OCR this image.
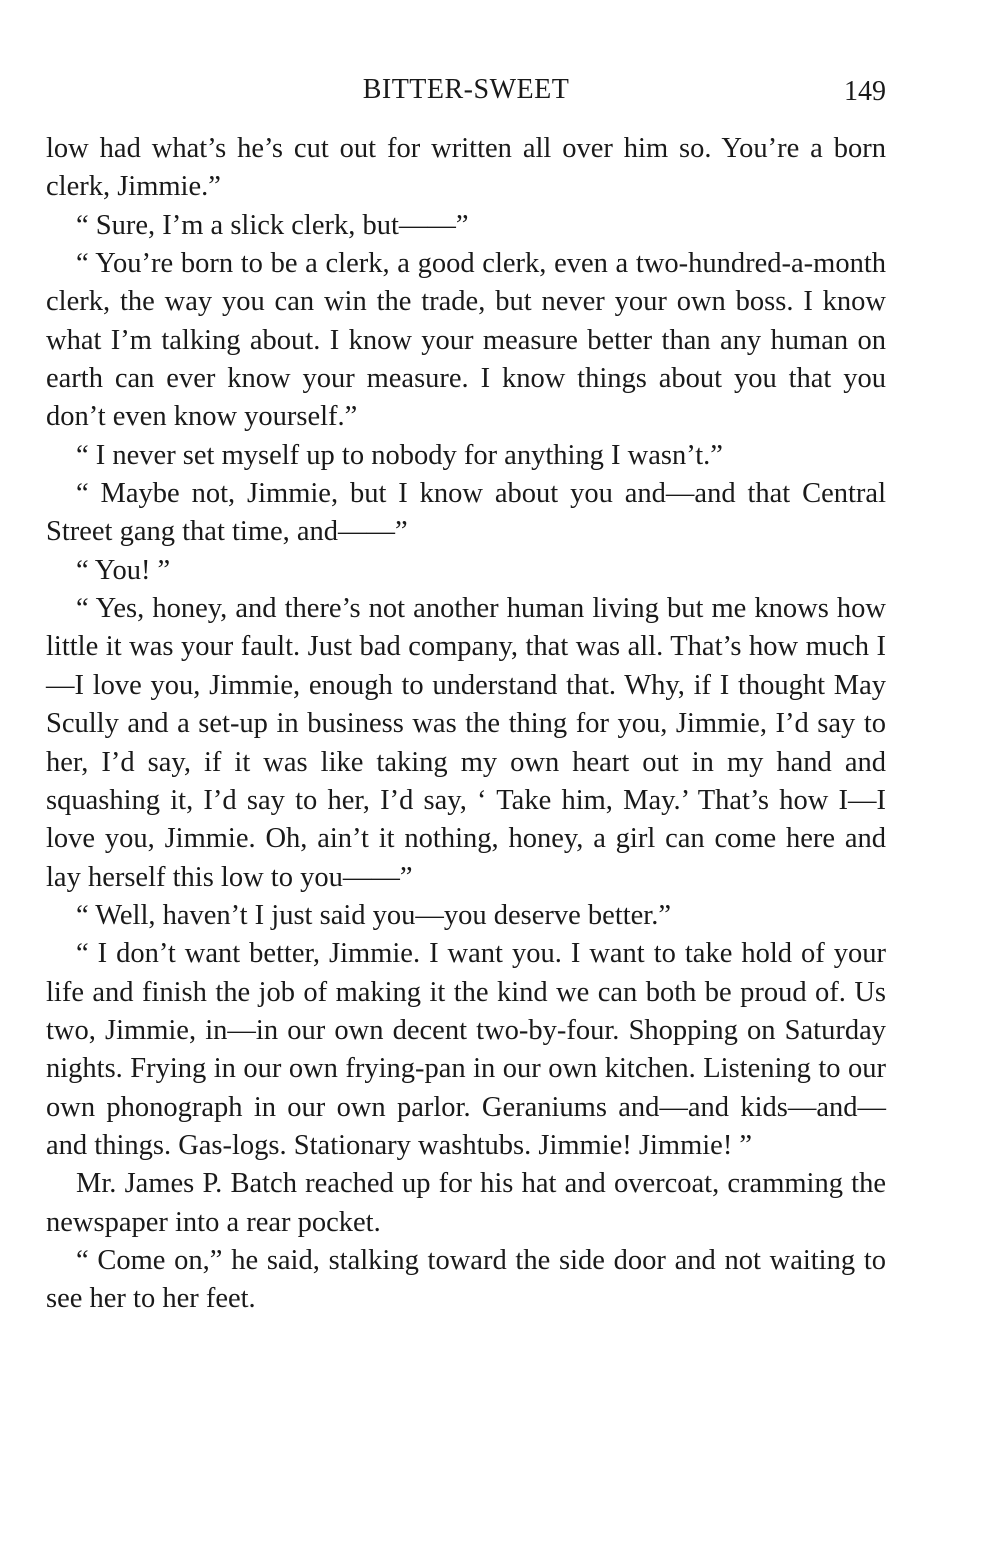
BITTER-SWEET	149

low had what’s he’s cut out for written all over him so. You’re a born clerk, Jimmie.”

“ Sure, I’m a slick clerk, but——”

“ You’re born to be a clerk, a good clerk, even a two-hundred-a-month clerk, the way you can win the trade, but never your own boss. I know what I’m talking about. I know your measure better than any human on earth can ever know your measure. I know things about you that you don’t even know yourself.”

“ I never set myself up to nobody for anything I wasn’t.”

“ Maybe not, Jimmie, but I know about you and—and that Central Street gang that time, and——”

“ You! ”

“ Yes, honey, and there’s not another human living but me knows how little it was your fault. Just bad company, that was all. That’s how much I—I love you, Jimmie, enough to understand that. Why, if I thought May Scully and a set-up in business was the thing for you, Jimmie, I’d say to her, I’d say, if it was like taking my own heart out in my hand and squashing it, I’d say to her, I’d say, ‘ Take him, May.’ That’s how I—I love you, Jimmie. Oh, ain’t it nothing, honey, a girl can come here and lay herself this low to you——”

“ Well, haven’t I just said you—you deserve better.”

“ I don’t want better, Jimmie. I want you. I want to take hold of your life and finish the job of making it the kind we can both be proud of. Us two, Jimmie, in—in our own decent two-by-four. Shopping on Saturday nights. Frying in our own frying-pan in our own kitchen. Listening to our own phonograph in our own parlor. Geraniums and—and kids—and—and things. Gas-logs. Stationary washtubs. Jimmie! Jimmie! ”

Mr. James P. Batch reached up for his hat and overcoat, cramming the newspaper into a rear pocket.

“ Come on,” he said, stalking toward the side door and not waiting to see her to her feet.
